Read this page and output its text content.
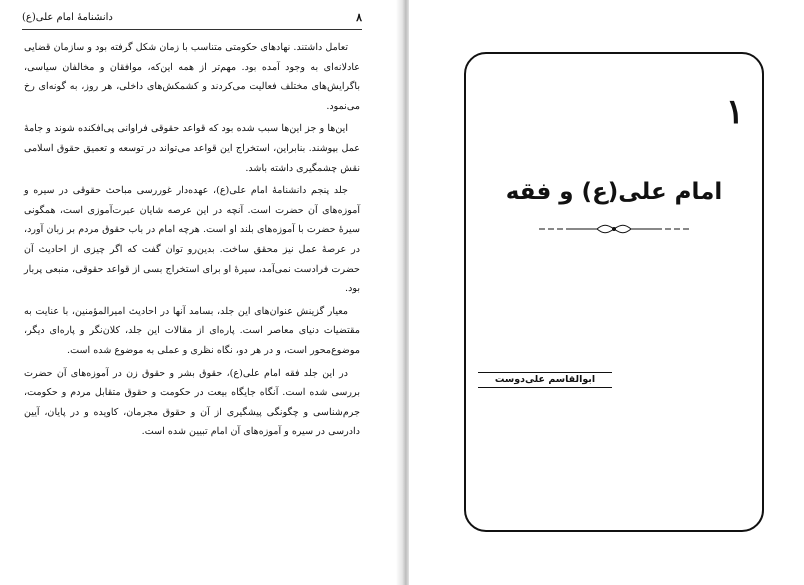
۸
دانشنامهٔ امام علی(ع)

تعامل داشتند. نهادهای حکومتی متناسب با زمان شکل گرفته بود و سازمان قضایی عادلانه‌ای به وجود آمده بود. مهم‌تر از همه این‌که، موافقان و مخالفان سیاسی، باگرایش‌های مختلف فعالیت می‌کردند و کشمکش‌های داخلی، هر روز، به گونه‌ای رخ می‌نمود.

این‌ها و جز این‌ها سبب شده بود که قواعد حقوقی فراوانی پی‌افکنده شوند و جامهٔ عمل بپوشند. بنابراین، استخراج این قواعد می‌تواند در توسعه و تعمیق حقوق اسلامی نقش چشمگیری داشته باشد.

جلد پنجم دانشنامهٔ امام علی(ع)، عهده‌دار غوررسی مباحث حقوقی در سیره و آموزه‌های آن حضرت است. آنچه در این عرصه شایان عبرت‌آموزی است، همگونی سیرهٔ حضرت با آموزه‌های بلند او است. هرچه امام در باب حقوق مردم بر زبان آورد، در عرصهٔ عمل نیز محقق ساخت. بدین‌رو توان گفت که اگر چیزی از احادیث آن حضرت فرادست نمی‌آمد، سیرهٔ او برای استخراج بسی از قواعد حقوقی، منبعی پربار بود.

معیار گزینش عنوان‌های این جلد، بسامد آنها در احادیث امیرالمؤمنین، با عنایت به مقتضیات دنیای معاصر است. پاره‌ای از مقالات این جلد، کلان‌نگر و پاره‌ای دیگر، موضوع‌محور است، و در هر دو، نگاه نظری و عملی به موضوع شده است.

در این جلد فقه امام علی(ع)، حقوق بشر و حقوق زن در آموزه‌های آن حضرت بررسی شده است. آنگاه جایگاه بیعت در حکومت و حقوق متقابل مردم و حکومت، جرم‌شناسی و چگونگی پیشگیری از آن و حقوق مجرمان، کاویده و در پایان، آیین دادرسی در سیره و آموزه‌های آن امام تبیین شده است.

۱
امام علی(ع) و فقه
ابوالقاسم علی‌دوست
